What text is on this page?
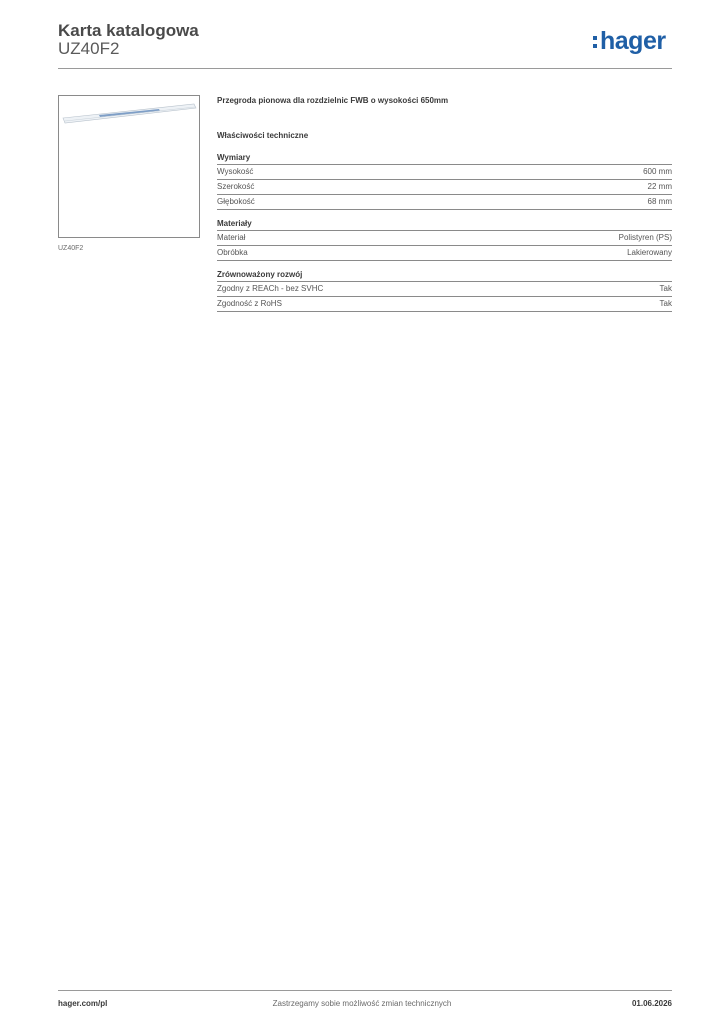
Karta katalogowa
UZ40F2	hager
UZ40F2
Przegroda pionowa dla rozdzielnic FWB o wysokości 650mm
Właściwości techniczne
Wymiary
Wysokość	600 mm
Szerokość	22 mm
Głębokość	68 mm
Materiały
Materiał	Polistyren (PS)
Obróbka	Lakierowany
Zrównoważony rozwój
Zgodny z REACh - bez SVHC	Tak
Zgodność z RoHS	Tak
hager.com/pl	Zastrzegamy sobie możliwość zmian technicznych	01.06.2026
